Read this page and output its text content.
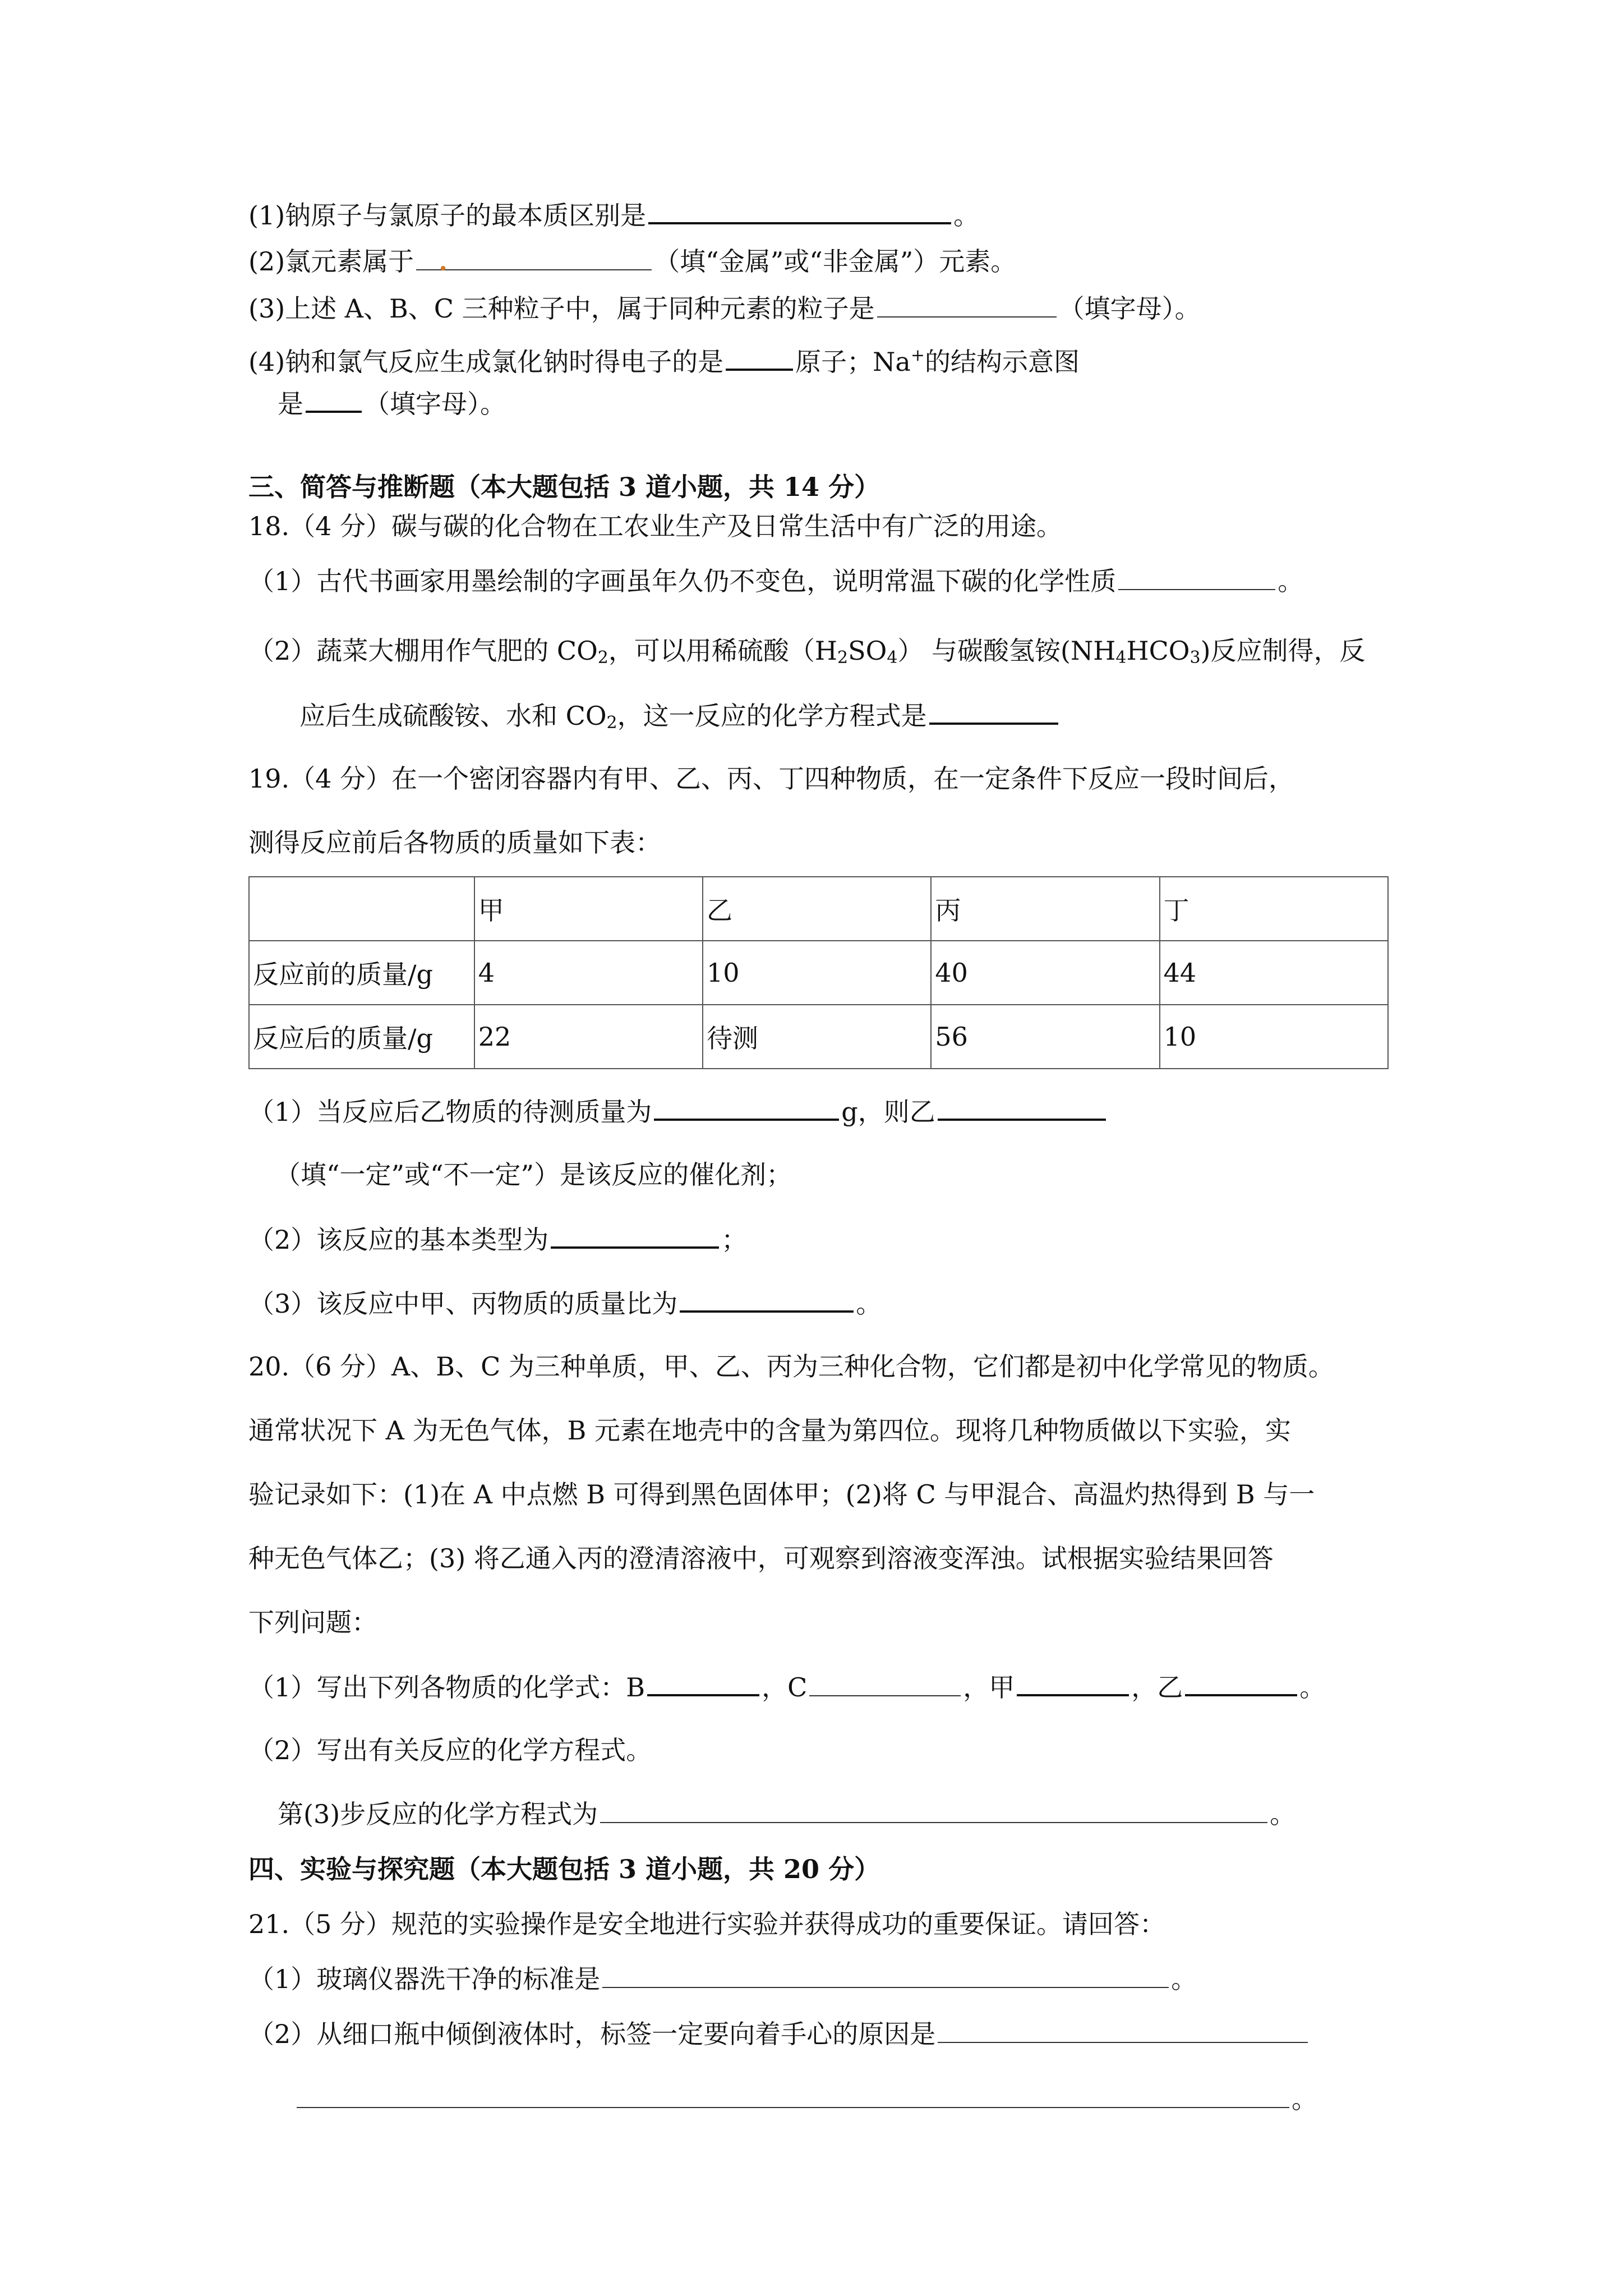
(1)钠原子与氯原子的最本质区别是	。
(2)氯元素属于 .	（填“金属”或“非金属”）元素。
(3)上述 A、B、C 三种粒子中，属于同种元素的粒子是	（填字母）。
(4)钠和氯气反应生成氯化钠时得电子的是	原子；Na+的结构示意图
是 （填字母）。
三、简答与推断题（本大题包括 3 道小题，共 14 分）
18.（4 分）碳与碳的化合物在工农业生产及日常生活中有广泛的用途。
（1）古代书画家用墨绘制的字画虽年久仍不变色，说明常温下碳的化学性质	。
（2）蔬菜大棚用作气肥的 $CO_2$，可以用稀硫酸$(H_2SO_4)$ 与碳酸氢铵$(NH_4HCO_3)$反应制得，反
应后生成硫酸铵、水和 $CO_2$，这一反应的化学方程式是
19.（4 分）在一个密闭容器内有甲、乙、丙、丁四种物质，在一定条件下反应一段时间后，
测得反应前后各物质的质量如下表：
	甲	乙	丙	丁
反应前的质量/g	4	10	40	44
反应后的质量/g	22	待测	56	10
（1）当反应后乙物质的待测质量为	g，则乙
（填“一定”或“不一定”）是该反应的催化剂；
（2）该反应的基本类型为	；
（3）该反应中甲、丙物质的质量比为	。
20.（6 分）A、B、C 为三种单质，甲、乙、丙为三种化合物，它们都是初中化学常见的物质。
通常状况下 A 为无色气体，B 元素在地壳中的含量为第四位。现将几种物质做以下实验，实
验记录如下：(1)在 A 中点燃 B 可得到黑色固体甲；(2)将 C 与甲混合、高温灼热得到 B 与一
种无色气体乙；(3) 将乙通入丙的澄清溶液中，可观察到溶液变浑浊。试根据实验结果回答
下列问题：
（1）写出下列各物质的化学式：B	，C	，甲	，乙	。
（2）写出有关反应的化学方程式。
第(3)步反应的化学方程式为	。
四、实验与探究题（本大题包括 3 道小题，共 20 分）
21.（5 分）规范的实验操作是安全地进行实验并获得成功的重要保证。请回答：
（1）玻璃仪器洗干净的标准是	。
（2）从细口瓶中倾倒液体时，标签一定要向着手心的原因是
。
